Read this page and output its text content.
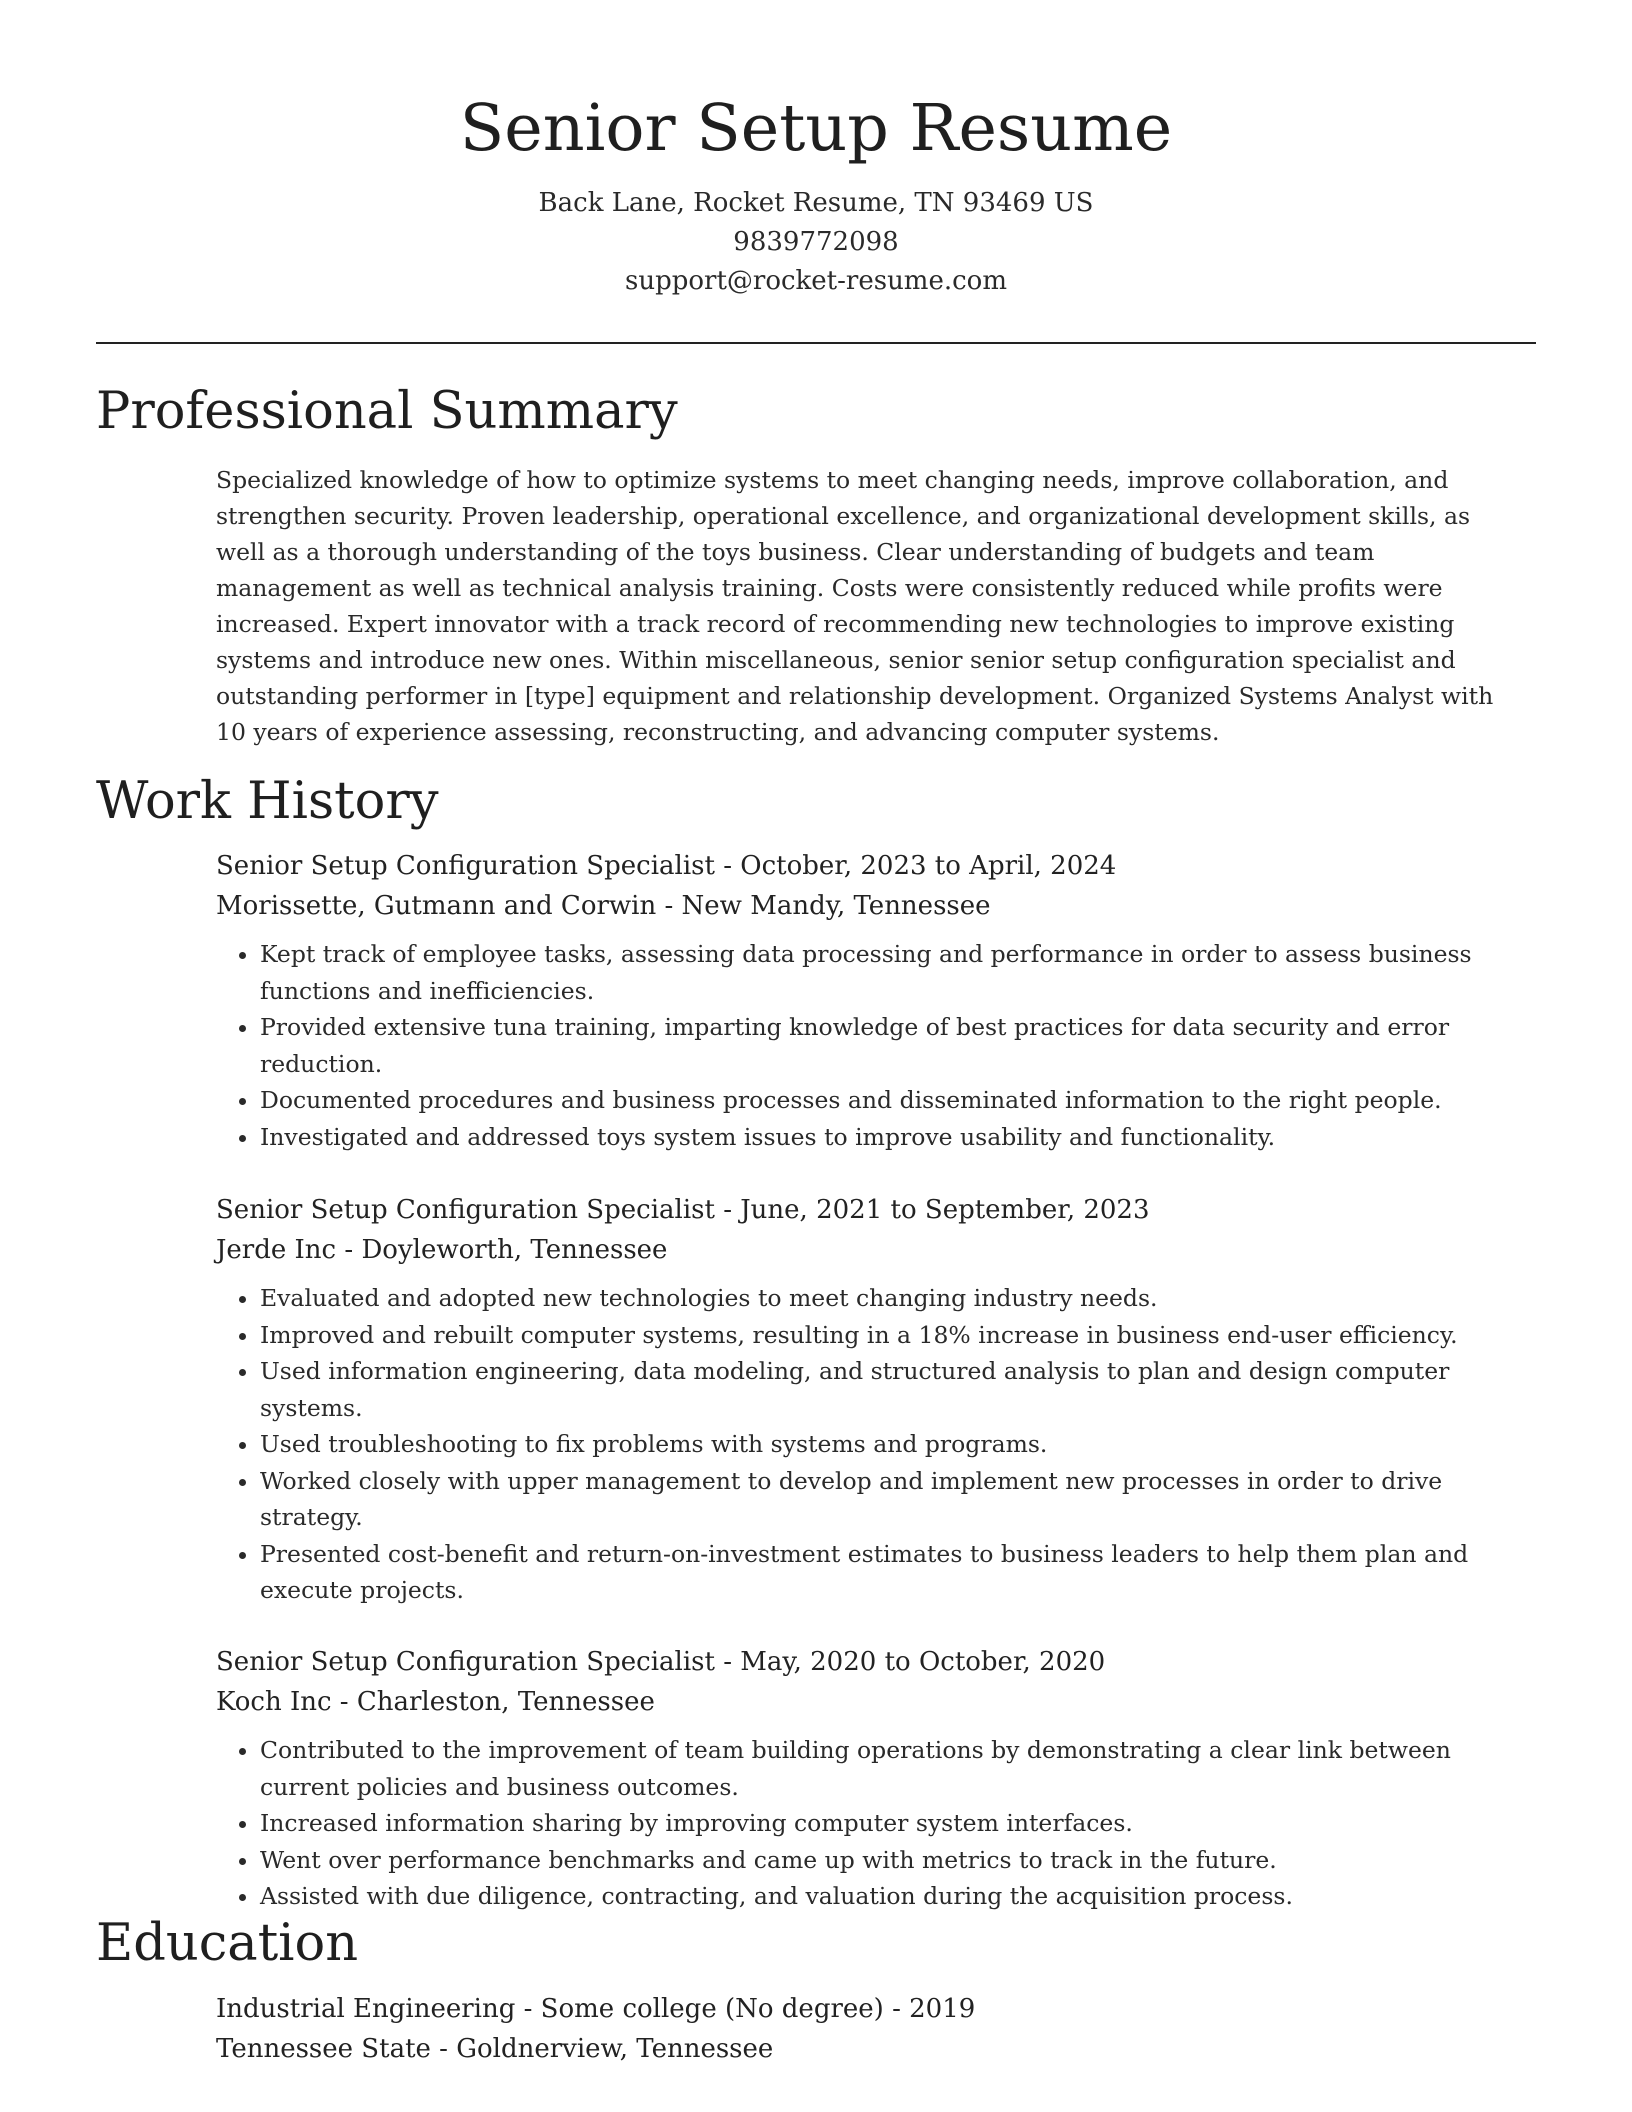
Senior Setup Resume
Back Lane, Rocket Resume, TN 93469 US
9839772098
support@rocket-resume.com
Professional Summary

Specialized knowledge of how to optimize systems to meet changing needs, improve collaboration, and strengthen security. Proven leadership, operational excellence, and organizational development skills, as well as a thorough understanding of the toys business. Clear understanding of budgets and team management as well as technical analysis training. Costs were consistently reduced while profits were increased. Expert innovator with a track record of recommending new technologies to improve existing systems and introduce new ones. Within miscellaneous, senior senior setup configuration specialist and outstanding performer in [type] equipment and relationship development. Organized Systems Analyst with 10 years of experience assessing, reconstructing, and advancing computer systems.

Work History
Senior Setup Configuration Specialist - October, 2023 to April, 2024
Morissette, Gutmann and Corwin - New Mandy, Tennessee
• Kept track of employee tasks, assessing data processing and performance in order to assess business functions and inefficiencies.
• Provided extensive tuna training, imparting knowledge of best practices for data security and error reduction.
• Documented procedures and business processes and disseminated information to the right people.
• Investigated and addressed toys system issues to improve usability and functionality.
Senior Setup Configuration Specialist - June, 2021 to September, 2023
Jerde Inc - Doyleworth, Tennessee
• Evaluated and adopted new technologies to meet changing industry needs.
• Improved and rebuilt computer systems, resulting in a 18% increase in business end-user efficiency.
• Used information engineering, data modeling, and structured analysis to plan and design computer systems.
• Used troubleshooting to fix problems with systems and programs.
• Worked closely with upper management to develop and implement new processes in order to drive strategy.
• Presented cost-benefit and return-on-investment estimates to business leaders to help them plan and execute projects.
Senior Setup Configuration Specialist - May, 2020 to October, 2020
Koch Inc - Charleston, Tennessee
• Contributed to the improvement of team building operations by demonstrating a clear link between current policies and business outcomes.
• Increased information sharing by improving computer system interfaces.
• Went over performance benchmarks and came up with metrics to track in the future.
• Assisted with due diligence, contracting, and valuation during the acquisition process.
Education
Industrial Engineering - Some college (No degree) - 2019
Tennessee State - Goldnerview, Tennessee
